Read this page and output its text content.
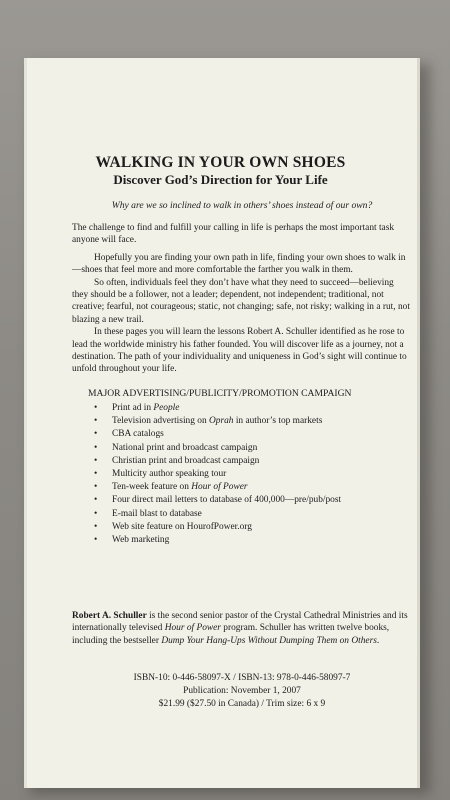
WALKING IN YOUR OWN SHOES
Discover God’s Direction for Your Life
Why are we so inclined to walk in others’ shoes instead of our own?

The challenge to find and fulfill your calling in life is perhaps the most important task anyone will face.

Hopefully you are finding your own path in life, finding your own shoes to walk in—shoes that feel more and more comfortable the farther you walk in them.

So often, individuals feel they don’t have what they need to succeed—believing they should be a follower, not a leader; dependent, not independent; traditional, not creative; fearful, not courageous; static, not changing; safe, not risky; walking in a rut, not blazing a new trail.

In these pages you will learn the lessons Robert A. Schuller identified as he rose to lead the worldwide ministry his father founded. You will discover life as a journey, not a destination. The path of your individuality and uniqueness in God’s sight will continue to unfold throughout your life.

MAJOR ADVERTISING/PUBLICITY/PROMOTION CAMPAIGN
• Print ad in People
• Television advertising on Oprah in author’s top markets
• CBA catalogs
• National print and broadcast campaign
• Christian print and broadcast campaign
• Multicity author speaking tour
• Ten-week feature on Hour of Power
• Four direct mail letters to database of 400,000—pre/pub/post
• E-mail blast to database
• Web site feature on HourofPower.org
• Web marketing
Robert A. Schuller is the second senior pastor of the Crystal Cathedral Ministries and its internationally televised Hour of Power program. Schuller has written twelve books, including the bestseller Dump Your Hang-Ups Without Dumping Them on Others.
ISBN-10: 0-446-58097-X / ISBN-13: 978-0-446-58097-7
Publication: November 1, 2007
$21.99 ($27.50 in Canada) / Trim size: 6 x 9
